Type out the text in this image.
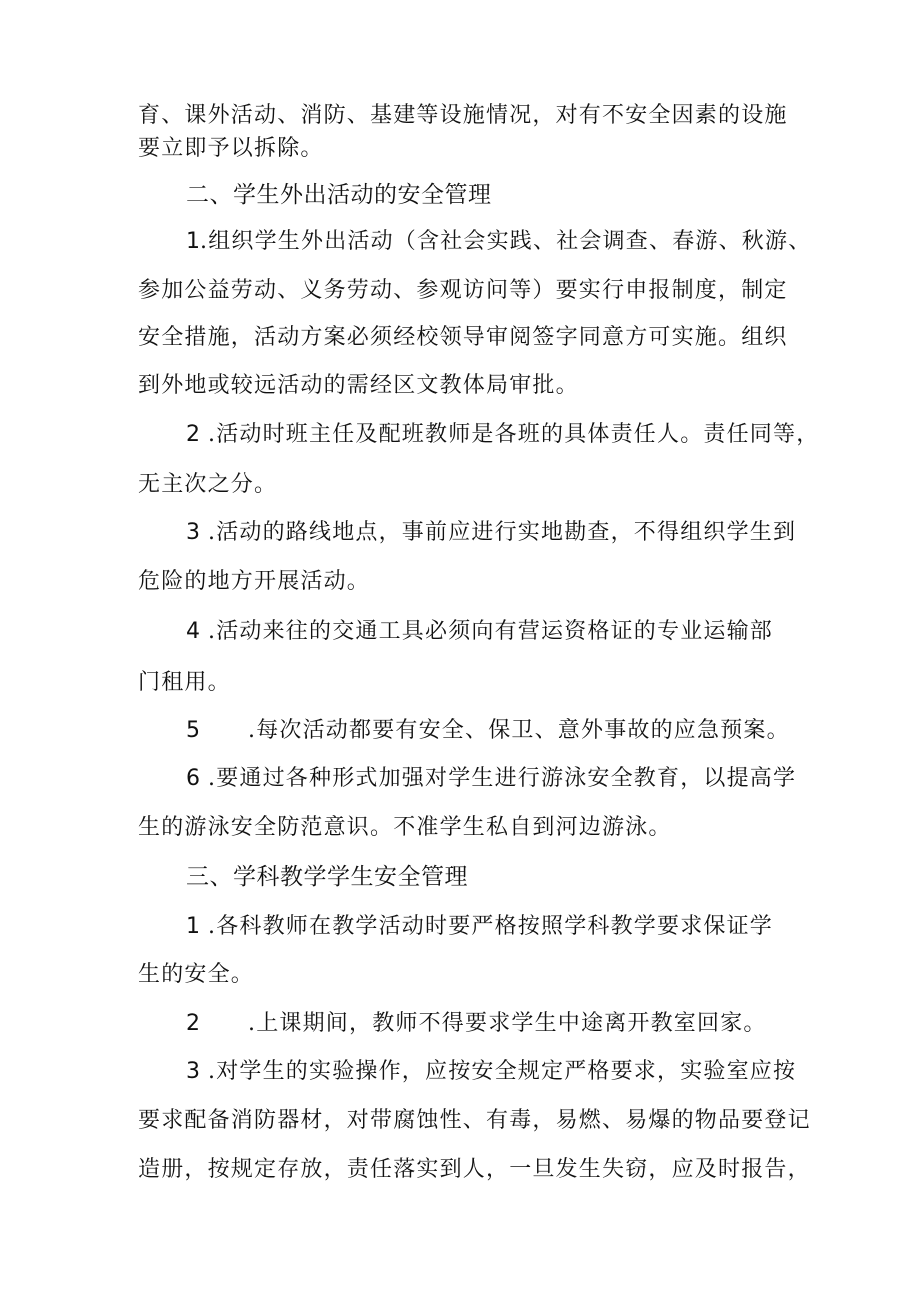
育、课外活动、消防、基建等设施情况，对有不安全因素的设施
要立即予以拆除。
二、学生外出活动的安全管理
1.组织学生外出活动（含社会实践、社会调查、春游、秋游、
参加公益劳动、义务劳动、参观访问等）要实行申报制度，制定
安全措施，活动方案必须经校领导审阅签字同意方可实施。组织
到外地或较远活动的需经区文教体局审批。
2 .活动时班主任及配班教师是各班的具体责任人。责任同等，
无主次之分。
3 .活动的路线地点，事前应进行实地勘查，不得组织学生到
危险的地方开展活动。
4 .活动来往的交通工具必须向有营运资格证的专业运输部
门租用。
5 .每次活动都要有安全、保卫、意外事故的应急预案。
6 .要通过各种形式加强对学生进行游泳安全教育，以提高学
生的游泳安全防范意识。不准学生私自到河边游泳。
三、学科教学学生安全管理
1 .各科教师在教学活动时要严格按照学科教学要求保证学
生的安全。
2 .上课期间，教师不得要求学生中途离开教室回家。
3 .对学生的实验操作，应按安全规定严格要求，实验室应按
要求配备消防器材，对带腐蚀性、有毒，易燃、易爆的物品要登记
造册，按规定存放，责任落实到人，一旦发生失窃，应及时报告，
